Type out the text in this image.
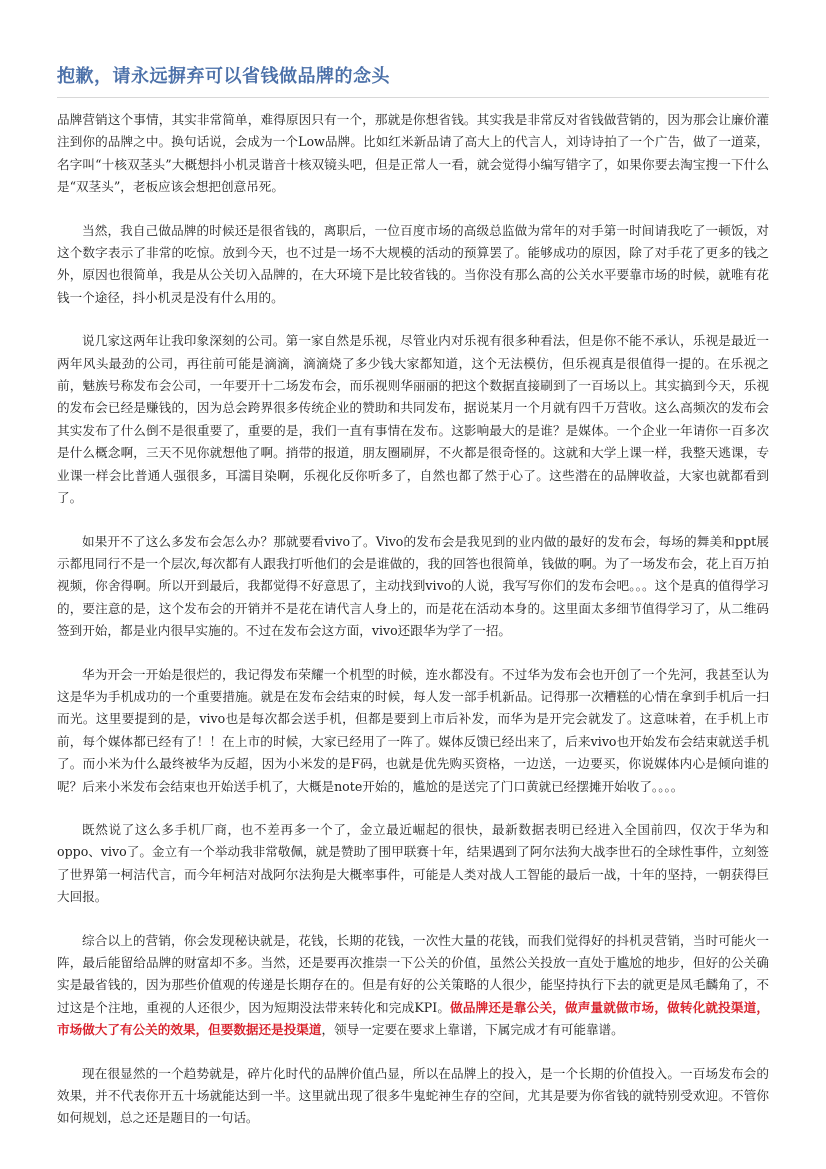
抱歉，请永远摒弃可以省钱做品牌的念头

品牌营销这个事情，其实非常简单，难得原因只有一个，那就是你想省钱。其实我是非常反对省钱做营销的，因为那会让廉价灌注到你的品牌之中。换句话说，会成为一个Low品牌。比如红米新品请了高大上的代言人，刘诗诗拍了一个广告，做了一道菜，名字叫“十核双茎头”大概想抖小机灵谐音十核双镜头吧，但是正常人一看，就会觉得小编写错字了，如果你要去淘宝搜一下什么是“双茎头”，老板应该会想把创意吊死。

当然，我自己做品牌的时候还是很省钱的，离职后，一位百度市场的高级总监做为常年的对手第一时间请我吃了一顿饭，对这个数字表示了非常的吃惊。放到今天，也不过是一场不大规模的活动的预算罢了。能够成功的原因，除了对手花了更多的钱之外，原因也很简单，我是从公关切入品牌的，在大环境下是比较省钱的。当你没有那么高的公关水平要靠市场的时候，就唯有花钱一个途径，抖小机灵是没有什么用的。

说几家这两年让我印象深刻的公司。第一家自然是乐视，尽管业内对乐视有很多种看法，但是你不能不承认，乐视是最近一两年风头最劲的公司，再往前可能是滴滴，滴滴烧了多少钱大家都知道，这个无法模仿，但乐视真是很值得一提的。在乐视之前，魅族号称发布会公司，一年要开十二场发布会，而乐视则华丽丽的把这个数据直接刷到了一百场以上。其实搞到今天，乐视的发布会已经是赚钱的，因为总会跨界很多传统企业的赞助和共同发布，据说某月一个月就有四千万营收。这么高频次的发布会其实发布了什么倒不是很重要了，重要的是，我们一直有事情在发布。这影响最大的是谁？是媒体。一个企业一年请你一百多次是什么概念啊，三天不见你就想他了啊。捎带的报道，朋友圈刷屏，不火都是很奇怪的。这就和大学上课一样，我整天逃课，专业课一样会比普通人强很多，耳濡目染啊，乐视化反你听多了，自然也都了然于心了。这些潜在的品牌收益，大家也就都看到了。

如果开不了这么多发布会怎么办？那就要看vivo了。Vivo的发布会是我见到的业内做的最好的发布会，每场的舞美和ppt展示都甩同行不是一个层次,每次都有人跟我打听他们的会是谁做的，我的回答也很简单，钱做的啊。为了一场发布会，花上百万拍视频，你舍得啊。所以开到最后，我都觉得不好意思了，主动找到vivo的人说，我写写你们的发布会吧。。。这个是真的值得学习的，要注意的是，这个发布会的开销并不是花在请代言人身上的，而是花在活动本身的。这里面太多细节值得学习了，从二维码签到开始，都是业内很早实施的。不过在发布会这方面，vivo还跟华为学了一招。

华为开会一开始是很烂的，我记得发布荣耀一个机型的时候，连水都没有。不过华为发布会也开创了一个先河，我甚至认为这是华为手机成功的一个重要措施。就是在发布会结束的时候，每人发一部手机新品。记得那一次糟糕的心情在拿到手机后一扫而光。这里要提到的是，vivo也是每次都会送手机，但都是要到上市后补发，而华为是开完会就发了。这意味着，在手机上市前，每个媒体都已经有了！！在上市的时候，大家已经用了一阵了。媒体反馈已经出来了，后来vivo也开始发布会结束就送手机了。而小米为什么最终被华为反超，因为小米发的是F码，也就是优先购买资格，一边送，一边要买，你说媒体内心是倾向谁的呢？后来小米发布会结束也开始送手机了，大概是note开始的，尴尬的是送完了门口黄就已经摆摊开始收了。。。。

既然说了这么多手机厂商，也不差再多一个了，金立最近崛起的很快，最新数据表明已经进入全国前四，仅次于华为和oppo、vivo了。金立有一个举动我非常敬佩，就是赞助了围甲联赛十年，结果遇到了阿尔法狗大战李世石的全球性事件，立刻签了世界第一柯洁代言，而今年柯洁对战阿尔法狗是大概率事件，可能是人类对战人工智能的最后一战，十年的坚持，一朝获得巨大回报。

综合以上的营销，你会发现秘诀就是，花钱，长期的花钱，一次性大量的花钱，而我们觉得好的抖机灵营销，当时可能火一阵，最后能留给品牌的财富却不多。当然，还是要再次推崇一下公关的价值，虽然公关投放一直处于尴尬的地步，但好的公关确实是最省钱的，因为那些价值观的传递是长期存在的。但是有好的公关策略的人很少，能坚持执行下去的就更是凤毛麟角了，不过这是个注地，重视的人还很少，因为短期没法带来转化和完成KPI。做品牌还是靠公关，做声量就做市场，做转化就投渠道，市场做大了有公关的效果，但要数据还是投渠道，领导一定要在要求上靠谱，下属完成才有可能靠谱。

现在很显然的一个趋势就是，碎片化时代的品牌价值凸显，所以在品牌上的投入，是一个长期的价值投入。一百场发布会的效果，并不代表你开五十场就能达到一半。这里就出现了很多牛鬼蛇神生存的空间，尤其是要为你省钱的就特别受欢迎。不管你如何规划，总之还是题目的一句话。
